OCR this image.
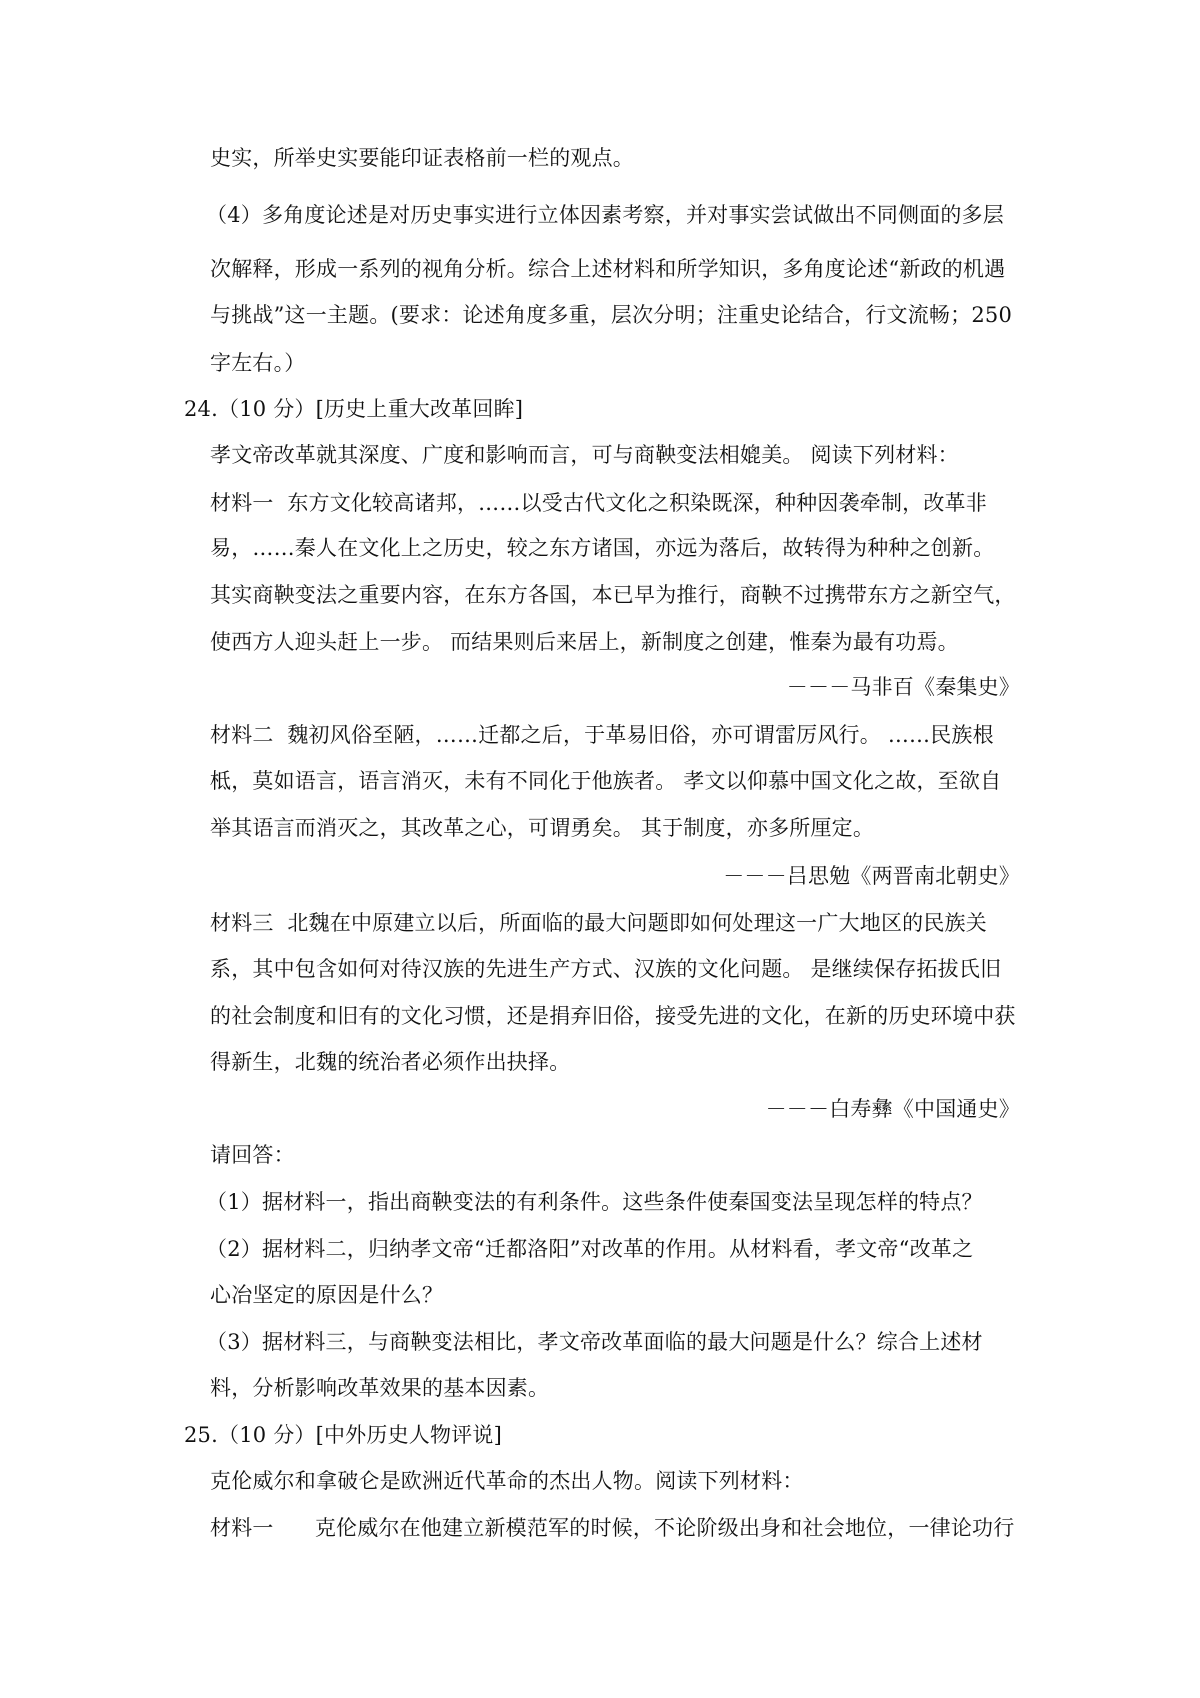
史实，所举史实要能印证表格前一栏的观点。
（4）多角度论述是对历史事实进行立体因素考察，并对事实尝试做出不同侧面的多层
次解释，形成一系列的视角分析。综合上述材料和所学知识，多角度论述“新政的机遇
与挑战”这一主题。(要求：论述角度多重，层次分明；注重史论结合，行文流畅；250
字左右。）
24.（10 分）[历史上重大改革回眸]
孝文帝改革就其深度、广度和影响而言，可与商鞅变法相媲美。 阅读下列材料：
材料一  东方文化较高诸邦，……以受古代文化之积染既深，种种因袭牵制，改革非
易，……秦人在文化上之历史，较之东方诸国，亦远为落后，故转得为种种之创新。
其实商鞅变法之重要内容，在东方各国，本已早为推行，商鞅不过携带东方之新空气，
使西方人迎头赶上一步。 而结果则后来居上，新制度之创建，惟秦为最有功焉。
－－－马非百《秦集史》
材料二  魏初风俗至陋，……迁都之后，于革易旧俗，亦可谓雷厉风行。 ……民族根
柢，莫如语言，语言消灭，未有不同化于他族者。 孝文以仰慕中国文化之故，至欲自
举其语言而消灭之，其改革之心，可谓勇矣。 其于制度，亦多所厘定。
－－－吕思勉《两晋南北朝史》
材料三  北魏在中原建立以后，所面临的最大问题即如何处理这一广大地区的民族关
系，其中包含如何对待汉族的先进生产方式、汉族的文化问题。 是继续保存拓拔氏旧
的社会制度和旧有的文化习惯，还是捐弃旧俗，接受先进的文化，在新的历史环境中获
得新生，北魏的统治者必须作出抉择。
－－－白寿彝《中国通史》
请回答：
（1）据材料一，指出商鞅变法的有利条件。这些条件使秦国变法呈现怎样的特点？
（2）据材料二，归纳孝文帝“迁都洛阳”对改革的作用。从材料看，孝文帝“改革之
心冶坚定的原因是什么？
（3）据材料三，与商鞅变法相比，孝文帝改革面临的最大问题是什么？综合上述材
料，分析影响改革效果的基本因素。
25.（10 分）[中外历史人物评说]
克伦威尔和拿破仑是欧洲近代革命的杰出人物。阅读下列材料：
材料一      克伦威尔在他建立新模范军的时候，不论阶级出身和社会地位，一律论功行
